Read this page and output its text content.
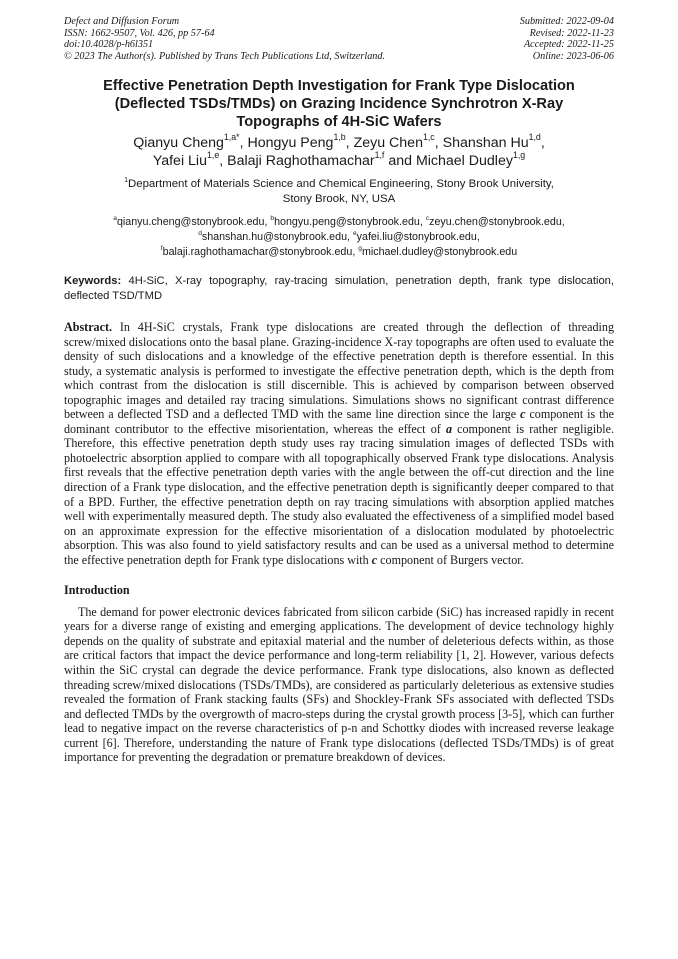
Defect and Diffusion Forum
ISSN: 1662-9507, Vol. 426, pp 57-64
doi:10.4028/p-h6l351
© 2023 The Author(s). Published by Trans Tech Publications Ltd, Switzerland.
Submitted: 2022-09-04
Revised: 2022-11-23
Accepted: 2022-11-25
Online: 2023-06-06
Effective Penetration Depth Investigation for Frank Type Dislocation
(Deflected TSDs/TMDs) on Grazing Incidence Synchrotron X-Ray
Topographs of 4H-SiC Wafers
Qianyu Cheng$^{1,a*}$, Hongyu Peng$^{1,b}$, Zeyu Chen$^{1,c}$, Shanshan Hu$^{1,d}$,
Yafei Liu$^{1,e}$, Balaji Raghothamachar$^{1,f}$ and Michael Dudley$^{1,g}$
$^1$Department of Materials Science and Chemical Engineering, Stony Brook University,
Stony Brook, NY, USA
$^a$qianyu.cheng@stonybrook.edu, $^b$hongyu.peng@stonybrook.edu, $^c$zeyu.chen@stonybrook.edu,
$^d$shanshan.hu@stonybrook.edu, $^e$yafei.liu@stonybrook.edu,
$^f$balaji.raghothamachar@stonybrook.edu, $^g$michael.dudley@stonybrook.edu
Keywords: 4H-SiC, X-ray topography, ray-tracing simulation, penetration depth, frank type dislocation, deflected TSD/TMD
Abstract. In 4H-SiC crystals, Frank type dislocations are created through the deflection of threading screw/mixed dislocations onto the basal plane. Grazing-incidence X-ray topographs are often used to evaluate the density of such dislocations and a knowledge of the effective penetration depth is therefore essential. In this study, a systematic analysis is performed to investigate the effective penetration depth, which is the depth from which contrast from the dislocation is still discernible. This is achieved by comparison between observed topographic images and detailed ray tracing simulations. Simulations shows no significant contrast difference between a deflected TSD and a deflected TMD with the same line direction since the large c component is the dominant contributor to the effective misorientation, whereas the effect of a component is rather negligible. Therefore, this effective penetration depth study uses ray tracing simulation images of deflected TSDs with photoelectric absorption applied to compare with all topographically observed Frank type dislocations. Analysis first reveals that the effective penetration depth varies with the angle between the off-cut direction and the line direction of a Frank type dislocation, and the effective penetration depth is significantly deeper compared to that of a BPD. Further, the effective penetration depth on ray tracing simulations with absorption applied matches well with experimentally measured depth. The study also evaluated the effectiveness of a simplified model based on an approximate expression for the effective misorientation of a dislocation modulated by photoelectric absorption. This was also found to yield satisfactory results and can be used as a universal method to determine the effective penetration depth for Frank type dislocations with c component of Burgers vector.
Introduction
The demand for power electronic devices fabricated from silicon carbide (SiC) has increased rapidly in recent years for a diverse range of existing and emerging applications. The development of device technology highly depends on the quality of substrate and epitaxial material and the number of deleterious defects within, as those are critical factors that impact the device performance and long-term reliability [1, 2]. However, various defects within the SiC crystal can degrade the device performance. Frank type dislocations, also known as deflected threading screw/mixed dislocations (TSDs/TMDs), are considered as particularly deleterious as extensive studies revealed the formation of Frank stacking faults (SFs) and Shockley-Frank SFs associated with deflected TSDs and deflected TMDs by the overgrowth of macro-steps during the crystal growth process [3-5], which can further lead to negative impact on the reverse characteristics of p-n and Schottky diodes with increased reverse leakage current [6]. Therefore, understanding the nature of Frank type dislocations (deflected TSDs/TMDs) is of great importance for preventing the degradation or premature breakdown of devices.
